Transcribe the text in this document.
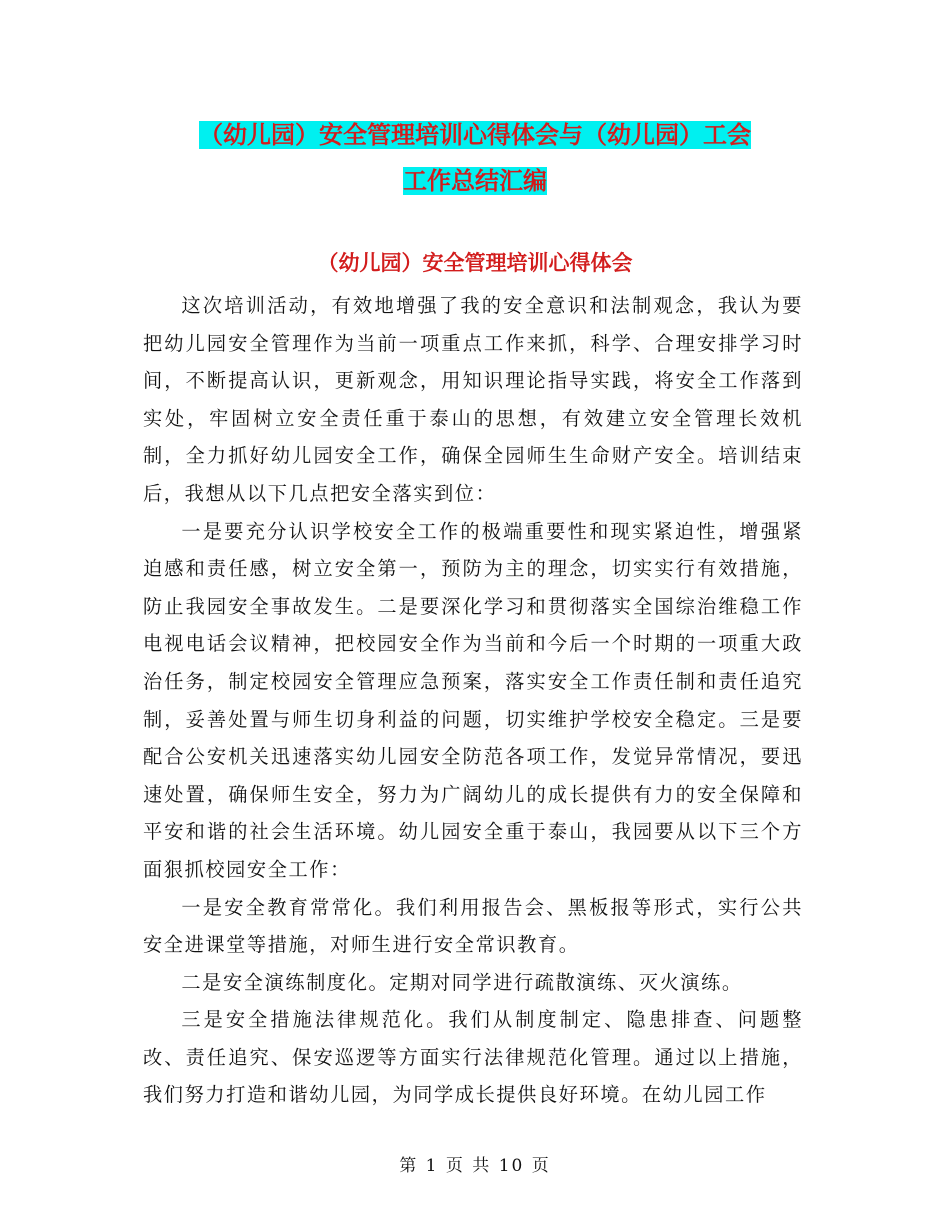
（幼儿园）安全管理培训心得体会与（幼儿园）工会
工作总结汇编
（幼儿园）安全管理培训心得体会

这次培训活动，有效地增强了我的安全意识和法制观念，我认为要把幼儿园安全管理作为当前一项重点工作来抓，科学、合理安排学习时间，不断提高认识，更新观念，用知识理论指导实践，将安全工作落到实处，牢固树立安全责任重于泰山的思想，有效建立安全管理长效机制，全力抓好幼儿园安全工作，确保全园师生生命财产安全。培训结束后，我想从以下几点把安全落实到位：

一是要充分认识学校安全工作的极端重要性和现实紧迫性，增强紧迫感和责任感，树立安全第一，预防为主的理念，切实实行有效措施，防止我园安全事故发生。二是要深化学习和贯彻落实全国综治维稳工作电视电话会议精神，把校园安全作为当前和今后一个时期的一项重大政治任务，制定校园安全管理应急预案，落实安全工作责任制和责任追究制，妥善处置与师生切身利益的问题，切实维护学校安全稳定。三是要配合公安机关迅速落实幼儿园安全防范各项工作，发觉异常情况，要迅速处置，确保师生安全，努力为广阔幼儿的成长提供有力的安全保障和平安和谐的社会生活环境。幼儿园安全重于泰山，我园要从以下三个方面狠抓校园安全工作：

一是安全教育常常化。我们利用报告会、黑板报等形式，实行公共安全进课堂等措施，对师生进行安全常识教育。

二是安全演练制度化。定期对同学进行疏散演练、灭火演练。

三是安全措施法律规范化。我们从制度制定、隐患排查、问题整改、责任追究、保安巡逻等方面实行法律规范化管理。通过以上措施，我们努力打造和谐幼儿园，为同学成长提供良好环境。在幼儿园工作

第 1 页 共 10 页
